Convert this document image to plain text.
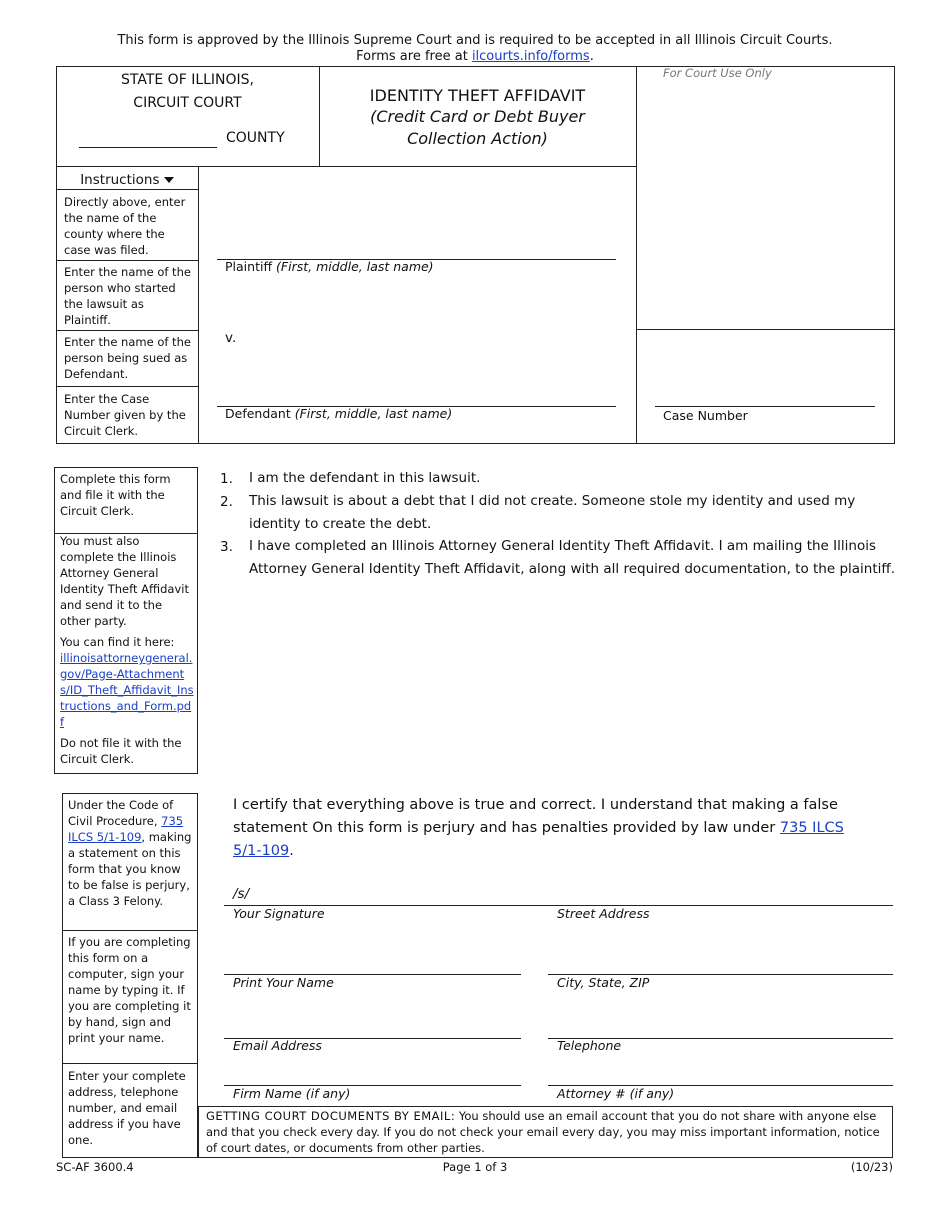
This form is approved by the Illinois Supreme Court and is required to be accepted in all Illinois Circuit Courts.
Forms are free at ilcourts.info/forms.
STATE OF ILLINOIS,
CIRCUIT COURT
COUNTY
IDENTITY THEFT AFFIDAVIT
(Credit Card or Debt Buyer
Collection Action)
For Court Use Only
Instructions
Directly above, enter the name of the county where the case was filed.
Enter the name of the person who started the lawsuit as Plaintiff.
Enter the name of the person being sued as Defendant.
Enter the Case Number given by the Circuit Clerk.
Plaintiff (First, middle, last name)
v.
Defendant (First, middle, last name)	Case Number
Complete this form and file it with the Circuit Clerk.
You must also complete the Illinois Attorney General Identity Theft Affidavit and send it to the other party.
You can find it here:
illinoisattorneygeneral.gov/Page-Attachments/ID_Theft_Affidavit_Instructions_and_Form.pdf
Do not file it with the Circuit Clerk.
1. I am the defendant in this lawsuit.
2. This lawsuit is about a debt that I did not create. Someone stole my identity and used my identity to create the debt.
3. I have completed an Illinois Attorney General Identity Theft Affidavit. I am mailing the Illinois Attorney General Identity Theft Affidavit, along with all required documentation, to the plaintiff.
Under the Code of Civil Procedure, 735 ILCS 5/1-109, making a statement on this form that you know to be false is perjury, a Class 3 Felony.
If you are completing this form on a computer, sign your name by typing it. If you are completing it by hand, sign and print your name.
Enter your complete address, telephone number, and email address if you have one.
I certify that everything above is true and correct. I understand that making a false statement On this form is perjury and has penalties provided by law under 735 ILCS 5/1-109.
/s/
Your Signature	Street Address
Print Your Name	City, State, ZIP
Email Address	Telephone
Firm Name (if any)	Attorney # (if any)
GETTING COURT DOCUMENTS BY EMAIL: You should use an email account that you do not share with anyone else and that you check every day. If you do not check your email every day, you may miss important information, notice of court dates, or documents from other parties.
SC-AF 3600.4	Page 1 of 3	(10/23)
